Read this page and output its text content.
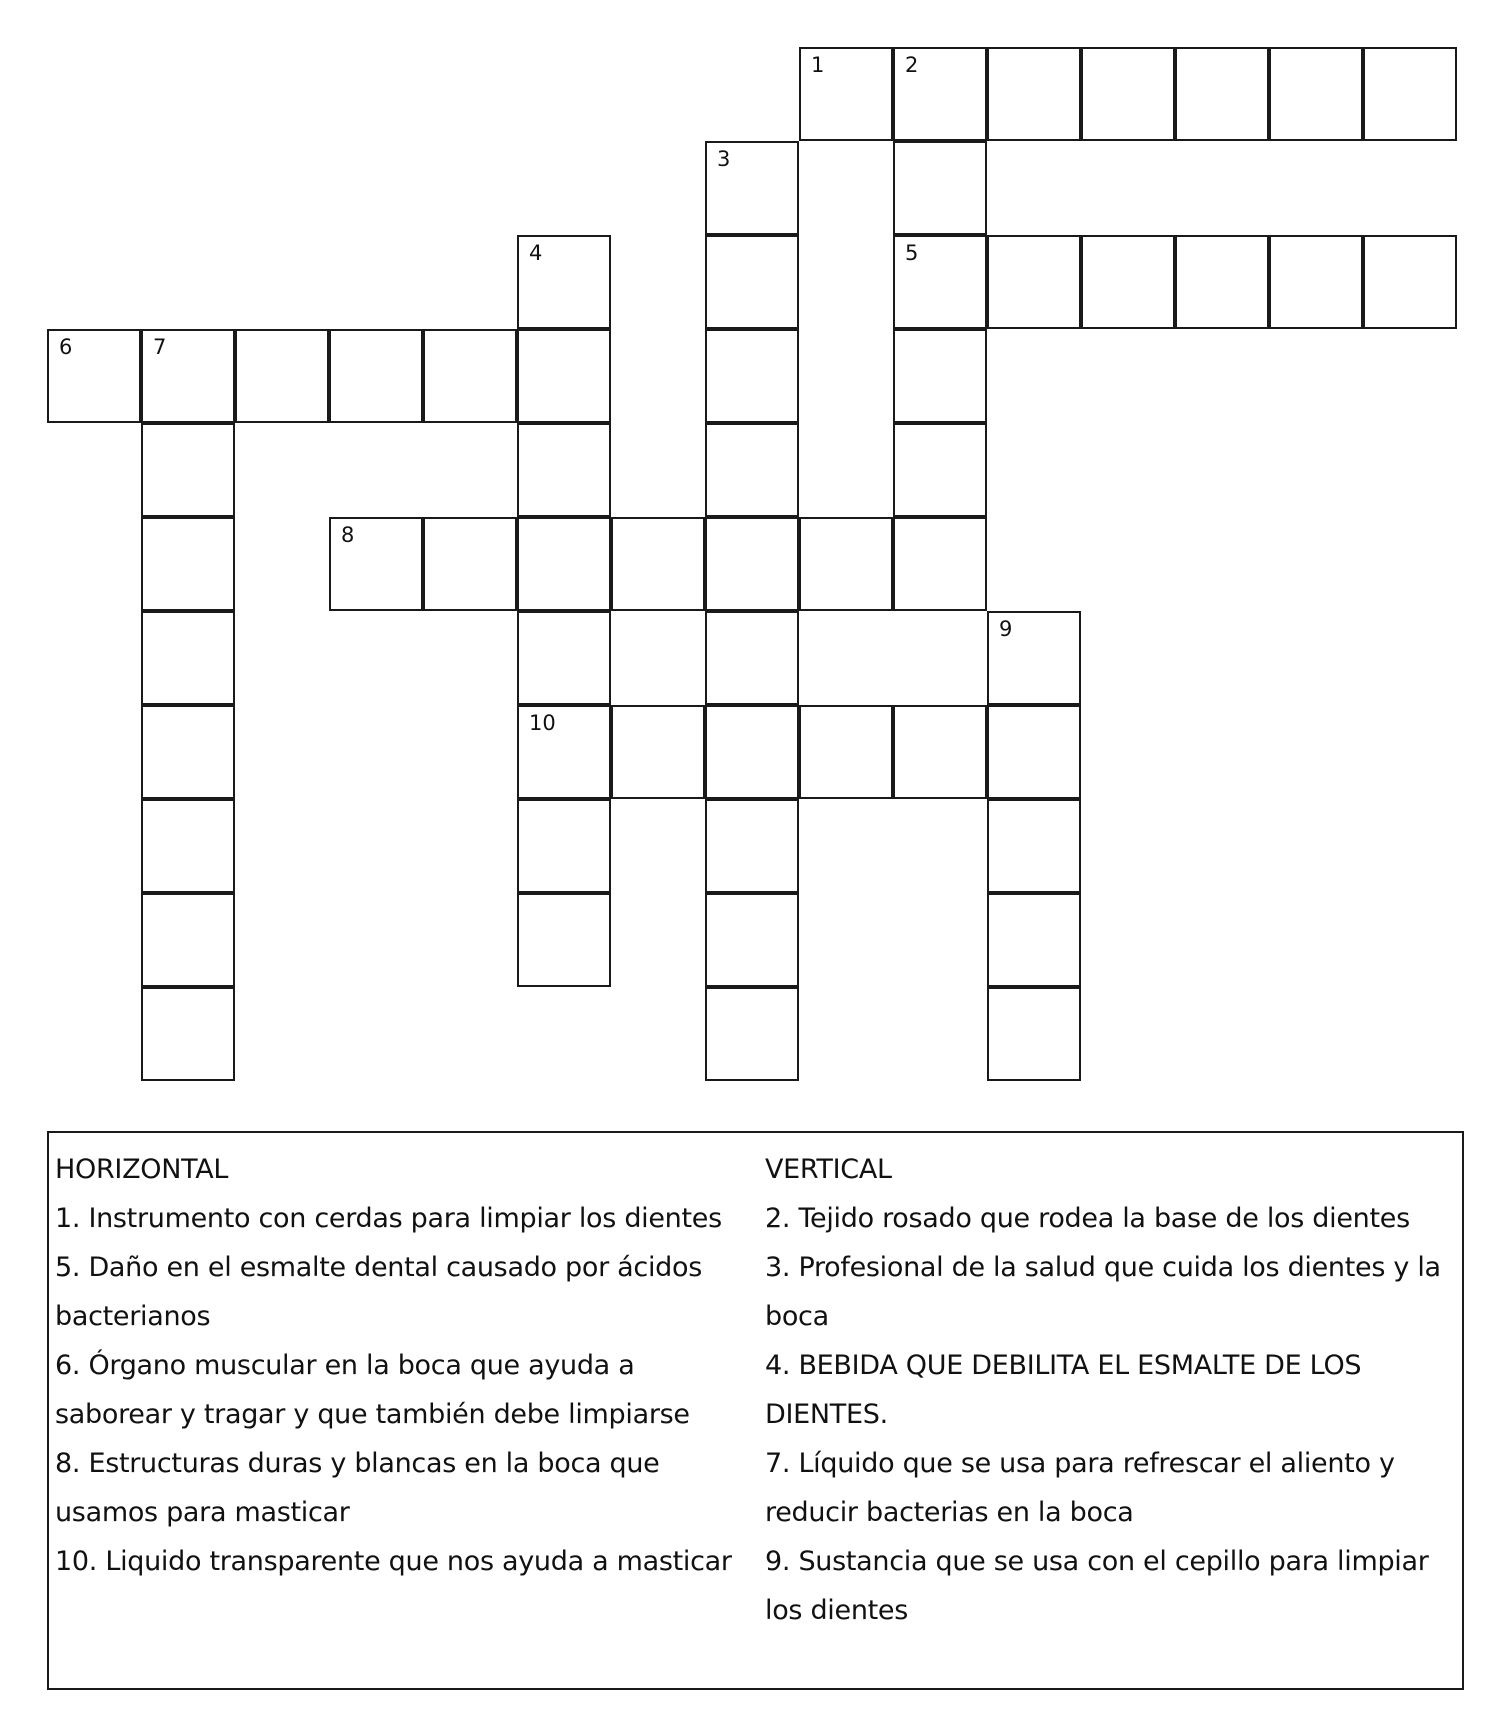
1	2
3
4	5
6	7
8
9
10

HORIZONTAL

1. Instrumento con cerdas para limpiar los dientes

5. Daño en el esmalte dental causado por ácidos bacterianos

6. Órgano muscular en la boca que ayuda a saborear y tragar y que también debe limpiarse

8. Estructuras duras y blancas en la boca que usamos para masticar

10. Liquido transparente que nos ayuda a masticar

VERTICAL

2. Tejido rosado que rodea la base de los dientes

3. Profesional de la salud que cuida los dientes y la boca

4. BEBIDA QUE DEBILITA EL ESMALTE DE LOS DIENTES.

7. Líquido que se usa para refrescar el aliento y reducir bacterias en la boca

9. Sustancia que se usa con el cepillo para limpiar los dientes
